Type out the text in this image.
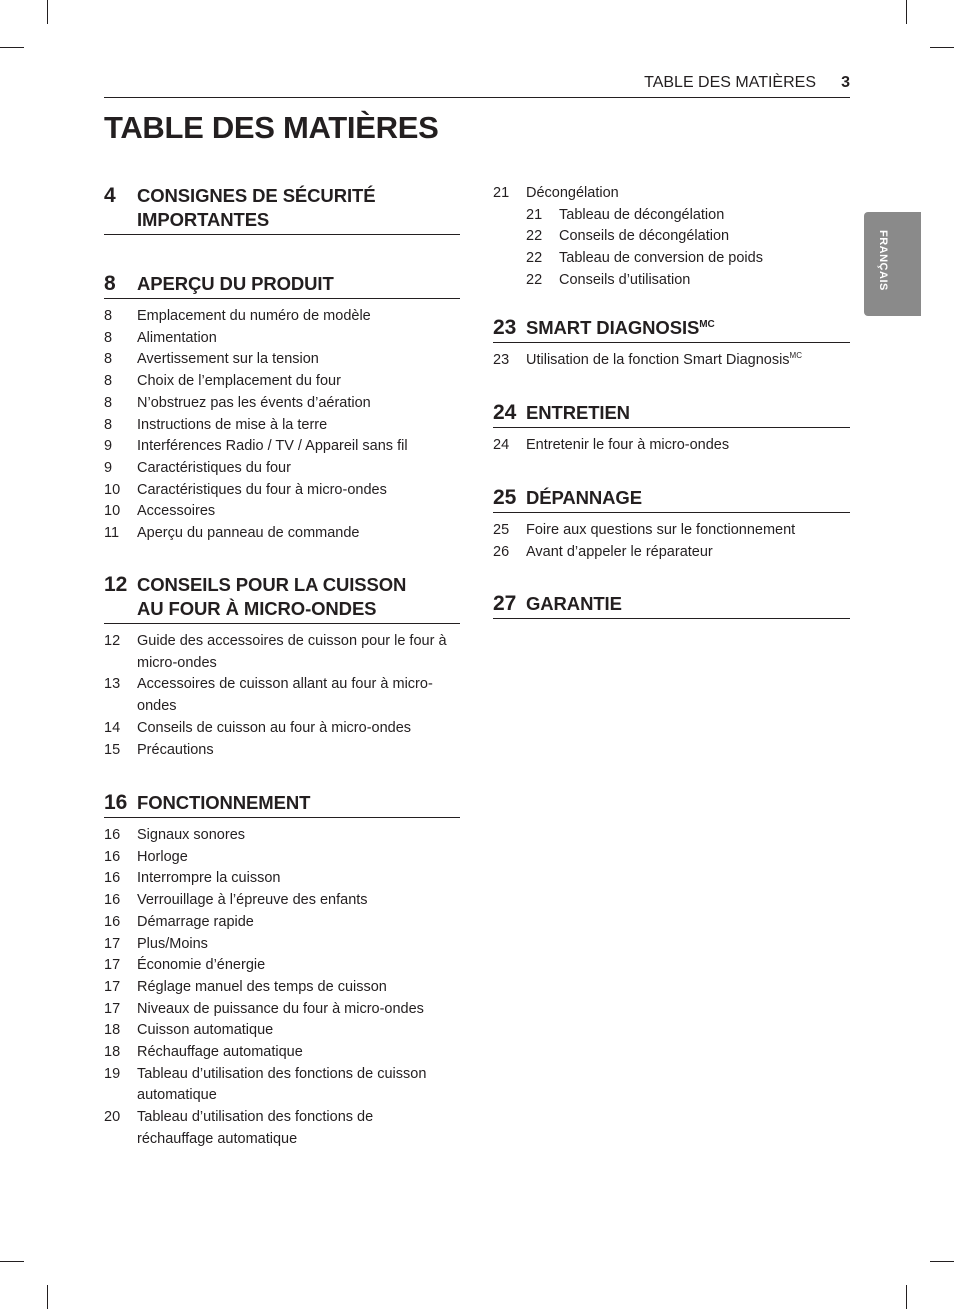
TABLE DES MATIÈRES 3
TABLE DES MATIÈRES
FRANÇAIS
4	CONSIGNES DE SÉCURITÉ
IMPORTANTES
8	APERÇU DU PRODUIT
8	Emplacement du numéro de modèle
8	Alimentation
8	Avertissement sur la tension
8	Choix de l’emplacement du four
8	N’obstruez pas les évents d’aération
8	Instructions de mise à la terre
9	Interférences Radio / TV / Appareil sans fil
9	Caractéristiques du four
10	Caractéristiques du four à micro-ondes
10	Accessoires
11	Aperçu du panneau de commande
12 CONSEILS POUR LA CUISSON
AU FOUR À MICRO-ONDES
12	Guide des accessoires de cuisson pour le four à
micro-ondes
13	Accessoires de cuisson allant au four à micro-
ondes
14	Conseils de cuisson au four à micro-ondes
15	Précautions
16 FONCTIONNEMENT
16	Signaux sonores
16	Horloge
16	Interrompre la cuisson
16	Verrouillage à l’épreuve des enfants
16	Démarrage rapide
17	Plus/Moins
17	Économie d’énergie
17	Réglage manuel des temps de cuisson
17	Niveaux de puissance du four à micro-ondes
18	Cuisson automatique
18	Réchauffage automatique
19	Tableau d’utilisation des fonctions de cuisson
automatique
20	Tableau d’utilisation des fonctions de
réchauffage automatique
21	Décongélation
21	Tableau de décongélation
22	Conseils de décongélation
22	Tableau de conversion de poids
22	Conseils d’utilisation
23 SMART $DIAGNOSIS^{MC}$
23	Utilisation de la fonction Smart Diagnosis$^{MC}$
24 ENTRETIEN
24	Entretenir le four à micro-ondes
25 DÉPANNAGE
25	Foire aux questions sur le fonctionnement
26	Avant d’appeler le réparateur
27 GARANTIE
